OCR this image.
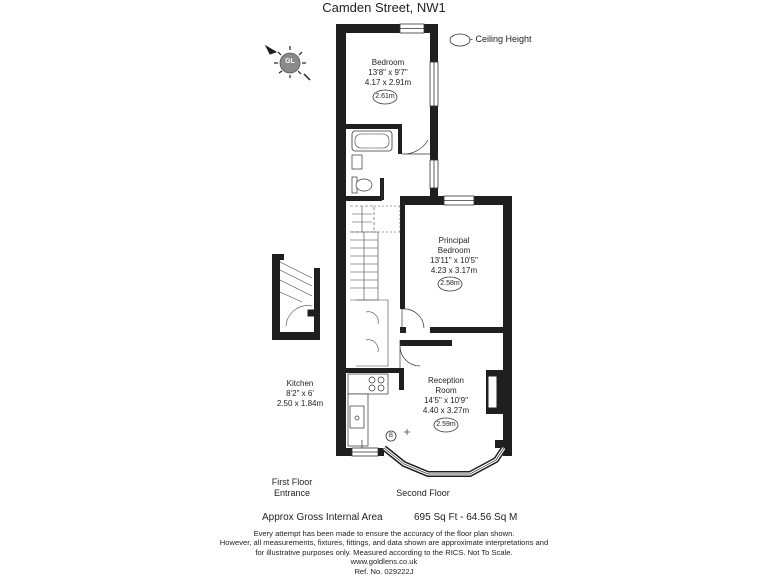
Camden Street, NW1
- Ceiling Height
GL	Bedroom
13'8" x 9'7"
4.17 x 2.91m
2.61m
Principal
Bedroom
13'11" x 10'5"
4.23 x 3.17m
2.58m
Reception
Room
14'5" x 10'9"
4.40 x 3.27m
2.59m
B
Kitchen
8'2" x 6'
2.50 x 1.84m
First Floor
Entrance	Second Floor
Approx Gross Internal Area	695 Sq Ft - 64.56 Sq M
Every attempt has been made to ensure the accuracy of the floor plan shown.
However, all measurements, fixtures, fittings, and data shown are approximate interpretations and
for illustrative purposes only. Measured according to the RICS. Not To Scale.
www.goldlens.co.uk
Ref. No. 029222J
